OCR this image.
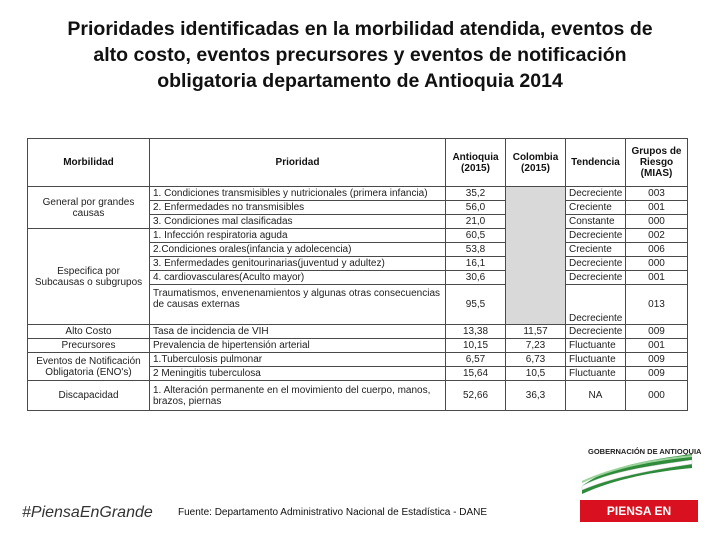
Prioridades identificadas en la morbilidad atendida, eventos de
alto costo, eventos precursores y eventos de notificación
obligatoria departamento de Antioquia 2014
Morbilidad	Prioridad	Antioquia (2015)	Colombia (2015)	Tendencia	Grupos de Riesgo (MIAS)
General por grandes causas	1. Condiciones transmisibles y nutricionales (primera infancia)	35,2		Decreciente	003
	2. Enfermedades no transmisibles	56,0		Creciente	001
	3. Condiciones mal clasificadas	21,0		Constante	000
Especifica por Subcausas o subgrupos	1. Infección respiratoria aguda	60,5		Decreciente	002
	2.Condiciones orales(infancia y adolecencia)	53,8		Creciente	006
	3. Enfermedades genitourinarias(juventud y adultez)	16,1		Decreciente	000
	4. cardiovasculares(Aculto mayor)	30,6		Decreciente	001
	Traumatismos, envenenamientos y algunas otras consecuencias de causas externas	95,5		Decreciente	013
Alto Costo	Tasa de incidencia de VIH	13,38	11,57	Decreciente	009
Precursores	Prevalencia de hipertensión arterial	10,15	7,23	Fluctuante	001
Eventos de Notificación Obligatoria (ENO's)	1.Tuberculosis pulmonar	6,57	6,73	Fluctuante	009
	2 Meningitis tuberculosa	15,64	10,5	Fluctuante	009
Discapacidad	1. Alteración permanente en el movimiento del cuerpo, manos, brazos, piernas	52,66	36,3	NA	000
GOBERNACIÓN DE ANTIOQUIA
PIENSA EN GRANDE
#PiensaEnGrande	Fuente: Departamento Administrativo Nacional de Estadística - DANE
